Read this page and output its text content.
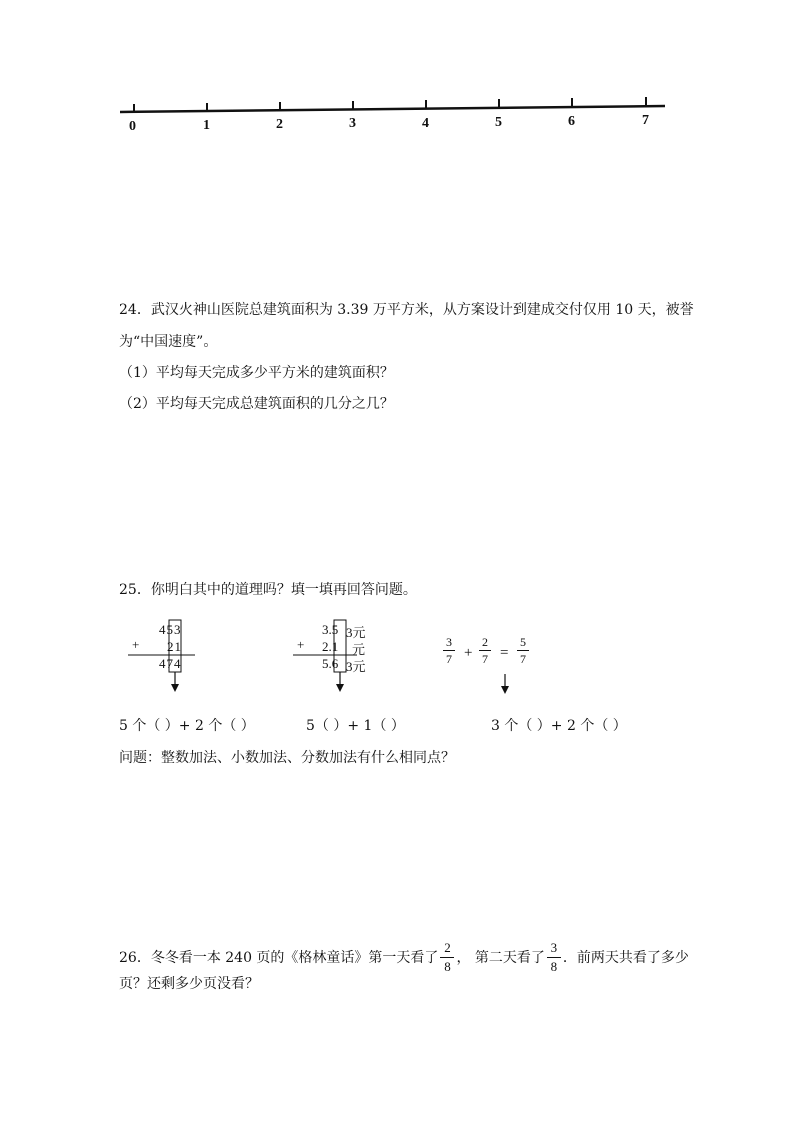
0	1	2	3	4	5	6	7
24．武汉火神山医院总建筑面积为 3.39 万平方米，从方案设计到建成交付仅用 10 天，被誉
为“中国速度”。
（1）平均每天完成多少平方米的建筑面积？
（2）平均每天完成总建筑面积的几分之几？
25．你明白其中的道理吗？填一填再回答问题。
+
453
21
474
+
3.5 3元
2.1 元
5.6 3元
3
7 +
2
7 =
5
7
5 个（ ）+ 2 个（ ）	5（ ）+ 1（ ）	3 个（ ）+ 2 个（ ）
问题：整数加法、小数加法、分数加法有什么相同点？
26．冬冬看一本 240 页的《格林童话》第一天看了 $\frac{2}{8}$ ， 第二天看了 $\frac{3}{8}$ ．前两天共看了多少
页？还剩多少页没看？
